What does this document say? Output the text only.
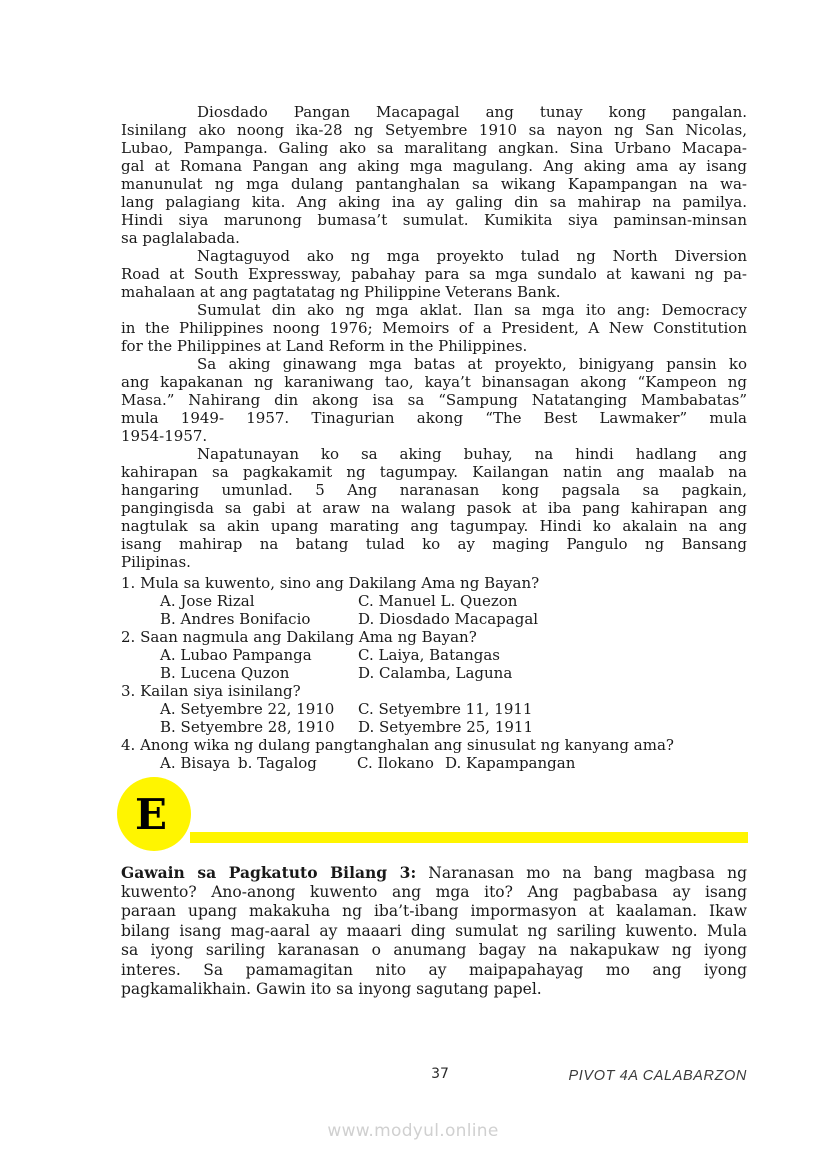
Diosdado Pangan Macapagal ang tunay kong pangalan.
Isinilang ako noong ika-28 ng Setyembre 1910 sa nayon ng San Nicolas,
Lubao, Pampanga. Galing ako sa maralitang angkan. Sina Urbano Macapa-
gal at Romana Pangan ang aking mga magulang. Ang aking ama ay isang
manunulat ng mga dulang pantanghalan sa wikang Kapampangan na wa-
lang palagiang kita. Ang aking ina ay galing din sa mahirap na pamilya.
Hindi siya marunong bumasa’t sumulat. Kumikita siya paminsan-minsan
sa paglalabada.
Nagtaguyod ako ng mga proyekto tulad ng North Diversion
Road at South Expressway, pabahay para sa mga sundalo at kawani ng pa-
mahalaan at ang pagtatatag ng Philippine Veterans Bank.
Sumulat din ako ng mga aklat. Ilan sa mga ito ang: Democracy
in the Philippines noong 1976; Memoirs of a President, A New Constitution
for the Philippines at Land Reform in the Philippines.
Sa aking ginawang mga batas at proyekto, binigyang pansin ko
ang kapakanan ng karaniwang tao, kaya’t binansagan akong “Kampeon ng
Masa.” Nahirang din akong isa sa “Sampung Natatanging Mambabatas”
mula 1949- 1957. Tinagurian akong “The Best Lawmaker” mula
1954-1957.
Napatunayan ko sa aking buhay, na hindi hadlang ang
kahirapan sa pagkakamit ng tagumpay. Kailangan natin ang maalab na
hangaring umunlad. 5 Ang naranasan kong pagsala sa pagkain,
pangingisda sa gabi at araw na walang pasok at iba pang kahirapan ang
nagtulak sa akin upang marating ang tagumpay. Hindi ko akalain na ang
isang mahirap na batang tulad ko ay maging Pangulo ng Bansang
Pilipinas.
1. Mula sa kuwento, sino ang Dakilang Ama ng Bayan?
A. Jose Rizal	C. Manuel L. Quezon
B. Andres Bonifacio	D. Diosdado Macapagal
2. Saan nagmula ang Dakilang Ama ng Bayan?
A. Lubao Pampanga	C. Laiya, Batangas
B. Lucena Quzon	D. Calamba, Laguna
3. Kailan siya isinilang?
A. Setyembre 22, 1910 C. Setyembre 11, 1911
B. Setyembre 28, 1910 D. Setyembre 25, 1911
4. Anong wika ng dulang pangtanghalan ang sinusulat ng kanyang ama?
A. Bisaya b. Tagalog	C. Ilokano D. Kapampangan
E
Gawain sa Pagkatuto Bilang 3: Naranasan mo na bang magbasa ng
kuwento? Ano-anong kuwento ang mga ito? Ang pagbabasa ay isang
paraan upang makakuha ng iba’t-ibang impormasyon at kaalaman. Ikaw
bilang isang mag-aaral ay maaari ding sumulat ng sariling kuwento. Mula
sa iyong sariling karanasan o anumang bagay na nakapukaw ng iyong
interes. Sa pamamagitan nito ay maipapahayag mo ang iyong
pagkamalikhain. Gawin ito sa inyong sagutang papel.
37	PIVOT 4A CALABARZON
www.modyul.online
